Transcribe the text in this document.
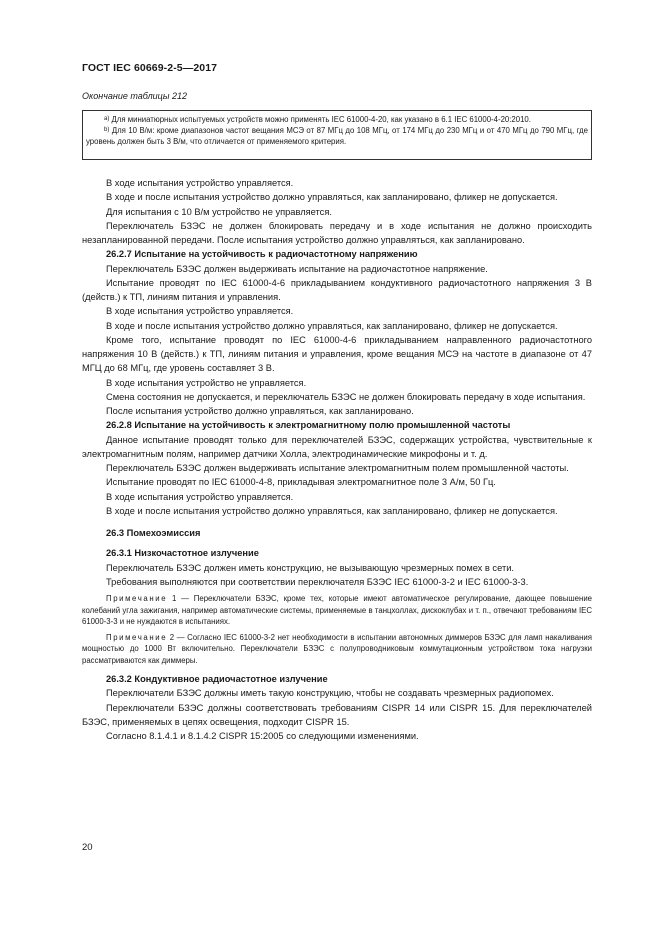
ГОСТ IEC 60669-2-5—2017
Окончание таблицы 212

$^{a)}$ Для миниатюрных испытуемых устройств можно применять IEC 61000-4-20, как указано в 6.1 IEC 61000-4-20:2010.

$^{b)}$ Для 10 В/м: кроме диапазонов частот вещания МСЭ от 87 МГц до 108 МГц, от 174 МГц до 230 МГц и от 470 МГц до 790 МГц, где уровень должен быть 3 В/м, что отличается от применяемого критерия.

В ходе испытания устройство управляется.

В ходе и после испытания устройство должно управляться, как запланировано, фликер не допускается.

Для испытания с 10 В/м устройство не управляется.

Переключатель БЗЭС не должен блокировать передачу и в ходе испытания не должно происходить незапланированной передачи. После испытания устройство должно управляться, как запланировано.

26.2.7 Испытание на устойчивость к радиочастотному напряжению

Переключатель БЗЭС должен выдерживать испытание на радиочастотное напряжение.

Испытание проводят по IEC 61000-4-6 прикладыванием кондуктивного радиочастотного напряжения 3 В (действ.) к ТП, линиям питания и управления.

В ходе испытания устройство управляется.

В ходе и после испытания устройство должно управляться, как запланировано, фликер не допускается.

Кроме того, испытание проводят по IEC 61000-4-6 прикладыванием направленного радиочастотного напряжения 10 В (действ.) к ТП, линиям питания и управления, кроме вещания МСЭ на частоте в диапазоне от 47 МГЦ до 68 МГц, где уровень составляет 3 В.

В ходе испытания устройство не управляется.

Смена состояния не допускается, и переключатель БЗЭС не должен блокировать передачу в ходе испытания.

После испытания устройство должно управляться, как запланировано.

26.2.8 Испытание на устойчивость к электромагнитному полю промышленной частоты

Данное испытание проводят только для переключателей БЗЭС, содержащих устройства, чувствительные к электромагнитным полям, например датчики Холла, электродинамические микрофоны и т. д.

Переключатель БЗЭС должен выдерживать испытание электромагнитным полем промышленной частоты.

Испытание проводят по IEC 61000-4-8, прикладывая электромагнитное поле 3 А/м, 50 Гц.

В ходе испытания устройство управляется.

В ходе и после испытания устройство должно управляться, как запланировано, фликер не допускается.

26.3 Помехоэмиссия

26.3.1 Низкочастотное излучение

Переключатель БЗЭС должен иметь конструкцию, не вызывающую чрезмерных помех в сети.

Требования выполняются при соответствии переключателя БЗЭС IEC 61000-3-2 и IEC 61000-3-3.

Примечание 1 — Переключатели БЗЭС, кроме тех, которые имеют автоматическое регулирование, дающее повышение колебаний угла зажигания, например автоматические системы, применяемые в танцхоллах, дискоклубах и т. п., отвечают требованиям IEC 61000-3-3 и не нуждаются в испытаниях.

Примечание 2 — Согласно IEC 61000-3-2 нет необходимости в испытании автономных диммеров БЗЭС для ламп накаливания мощностью до 1000 Вт включительно. Переключатели БЗЭС с полупроводниковым коммутационным устройством тока нагрузки рассматриваются как диммеры.

26.3.2 Кондуктивное радиочастотное излучение

Переключатели БЗЭС должны иметь такую конструкцию, чтобы не создавать чрезмерных радиопомех.

Переключатели БЗЭС должны соответствовать требованиям CISPR 14 или CISPR 15. Для переключателей БЗЭС, применяемых в цепях освещения, подходит CISPR 15.

Согласно 8.1.4.1 и 8.1.4.2 CISPR 15:2005 со следующими изменениями.

20
